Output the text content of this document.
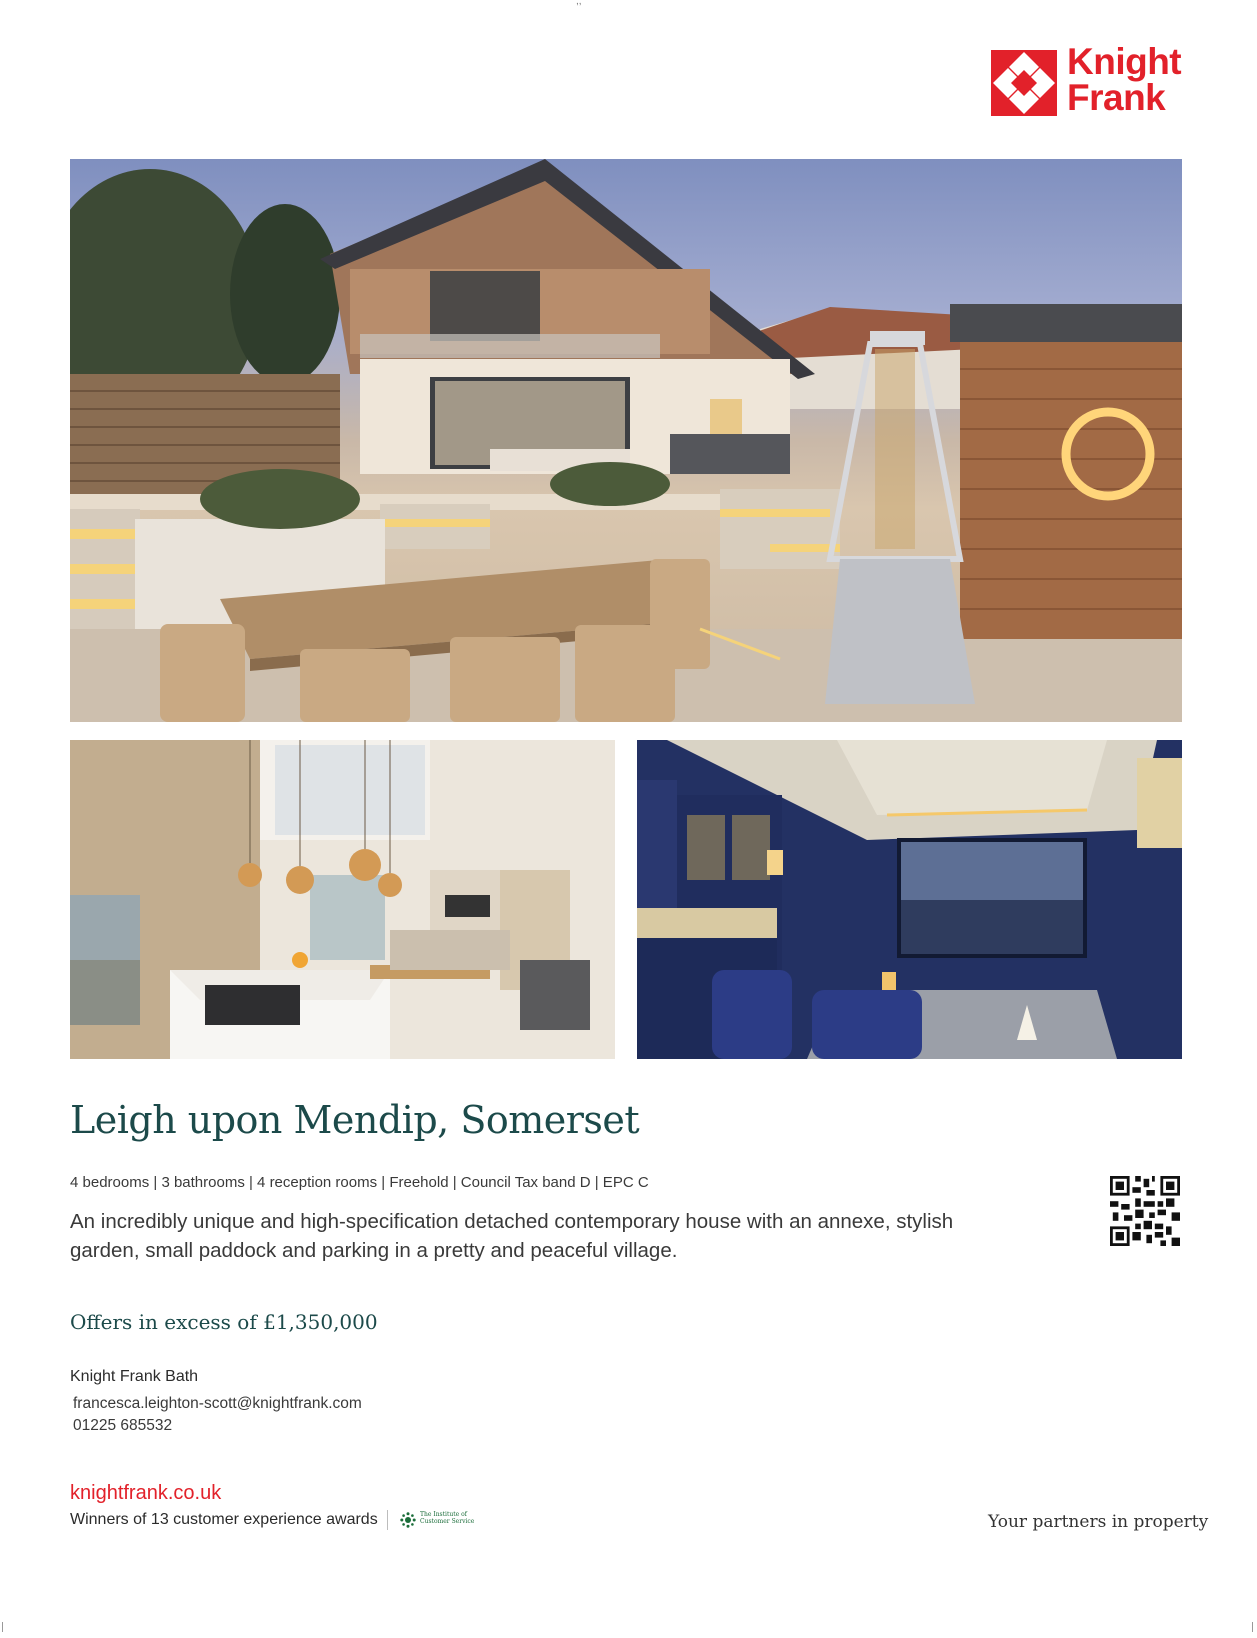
,,
Knight
Frank
Leigh upon Mendip, Somerset
4 bedrooms | 3 bathrooms | 4 reception rooms | Freehold | Council Tax band D | EPC C
An incredibly unique and high-specification detached contemporary house with an annexe, stylish garden, small paddock and parking in a pretty and peaceful village.
Offers in excess of £1,350,000
Knight Frank Bath
francesca.leighton-scott@knightfrank.com
01225 685532
knightfrank.co.uk
Winners of 13 customer experience awards	The Institute of
Customer Service	Your partners in property
